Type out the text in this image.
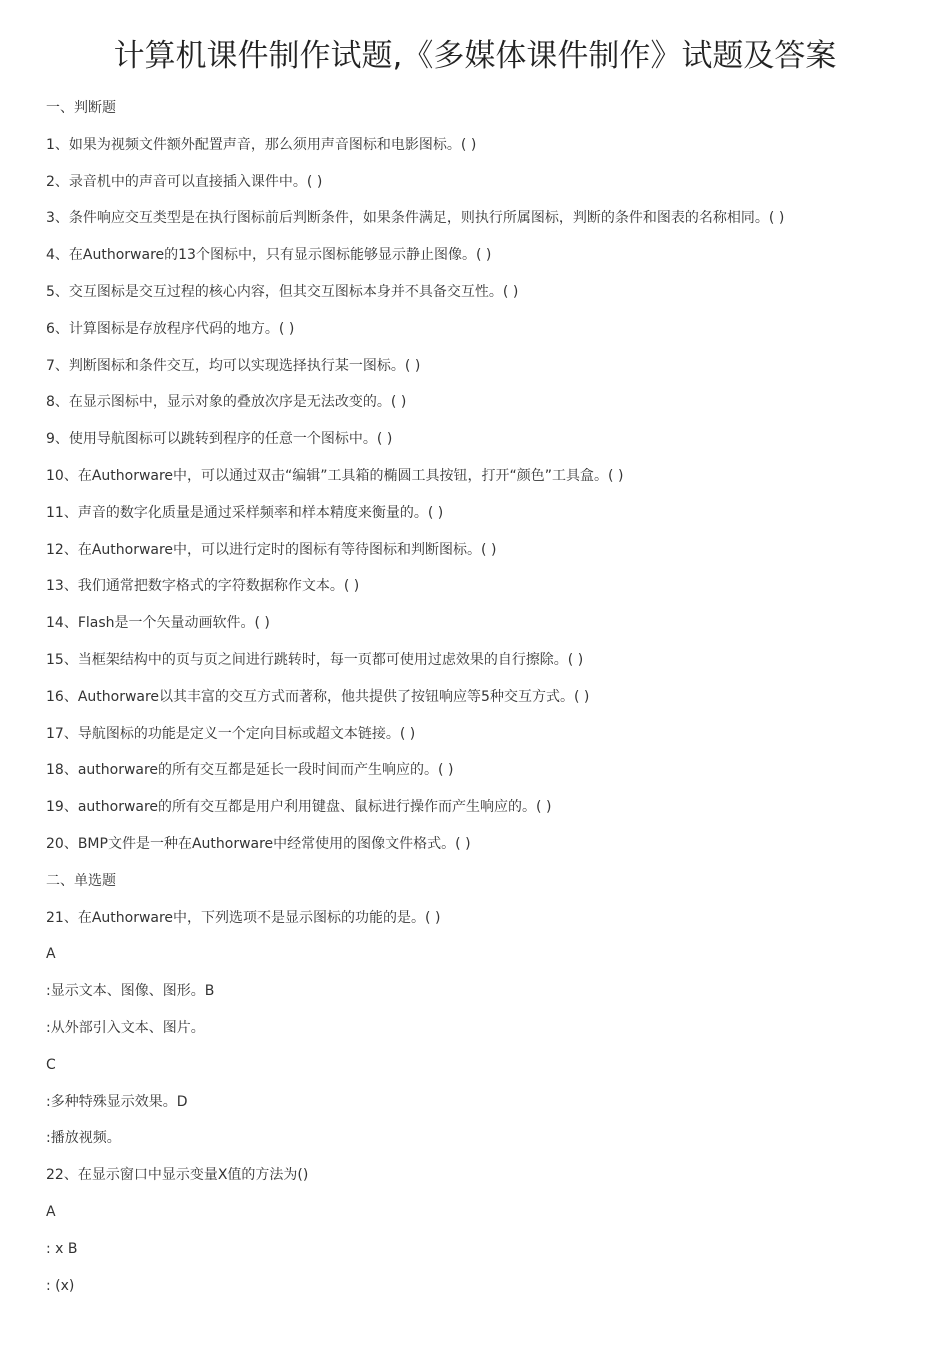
计算机课件制作试题,《多媒体课件制作》试题及答案
一、判断题
1、如果为视频文件额外配置声音，那么须用声音图标和电影图标。( )
2、录音机中的声音可以直接插入课件中。( )
3、条件响应交互类型是在执行图标前后判断条件，如果条件满足，则执行所属图标，判断的条件和图表的名称相同。( )
4、在Authorware的13个图标中，只有显示图标能够显示静止图像。( )
5、交互图标是交互过程的核心内容，但其交互图标本身并不具备交互性。( )
6、计算图标是存放程序代码的地方。( )
7、判断图标和条件交互，均可以实现选择执行某一图标。( )
8、在显示图标中，显示对象的叠放次序是无法改变的。( )
9、使用导航图标可以跳转到程序的任意一个图标中。( )
10、在Authorware中，可以通过双击“编辑”工具箱的椭圆工具按钮，打开“颜色”工具盒。( )
11、声音的数字化质量是通过采样频率和样本精度来衡量的。( )
12、在Authorware中，可以进行定时的图标有等待图标和判断图标。( )
13、我们通常把数字格式的字符数据称作文本。( )
14、Flash是一个矢量动画软件。( )
15、当框架结构中的页与页之间进行跳转时，每一页都可使用过虑效果的自行擦除。( )
16、Authorware以其丰富的交互方式而著称，他共提供了按钮响应等5种交互方式。( )
17、导航图标的功能是定义一个定向目标或超文本链接。( )
18、authorware的所有交互都是延长一段时间而产生响应的。( )
19、authorware的所有交互都是用户利用键盘、鼠标进行操作而产生响应的。( )
20、BMP文件是一种在Authorware中经常使用的图像文件格式。( )
二、单选题
21、在Authorware中，下列选项不是显示图标的功能的是。( )
A
:显示文本、图像、图形。B
:从外部引入文本、图片。
C
:多种特殊显示效果。D
:播放视频。
22、在显示窗口中显示变量X值的方法为()
A
: x B
: (x)
